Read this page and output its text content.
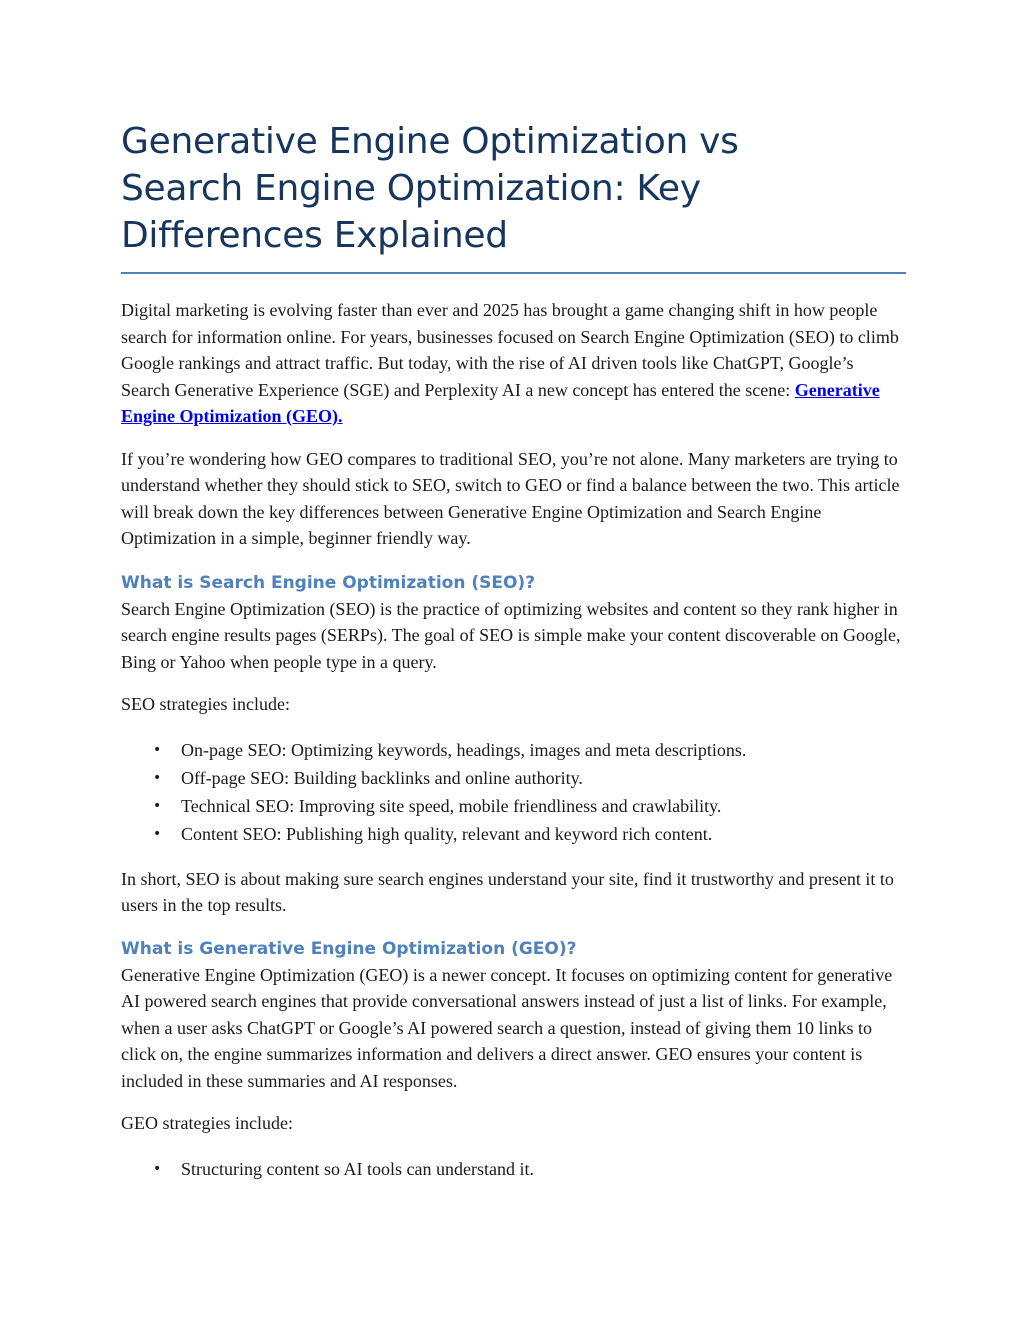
Generative Engine Optimization vs
Search Engine Optimization: Key
Differences Explained

Digital marketing is evolving faster than ever and 2025 has brought a game changing shift in how people search for information online. For years, businesses focused on Search Engine Optimization (SEO) to climb Google rankings and attract traffic. But today, with the rise of AI driven tools like ChatGPT, Google’s Search Generative Experience (SGE) and Perplexity AI a new concept has entered the scene: Generative Engine Optimization (GEO).

If you’re wondering how GEO compares to traditional SEO, you’re not alone. Many marketers are trying to understand whether they should stick to SEO, switch to GEO or find a balance between the two. This article will break down the key differences between Generative Engine Optimization and Search Engine Optimization in a simple, beginner friendly way.

What is Search Engine Optimization (SEO)?

Search Engine Optimization (SEO) is the practice of optimizing websites and content so they rank higher in search engine results pages (SERPs). The goal of SEO is simple make your content discoverable on Google, Bing or Yahoo when people type in a query.

SEO strategies include:

• On-page SEO: Optimizing keywords, headings, images and meta descriptions.
• Off-page SEO: Building backlinks and online authority.
• Technical SEO: Improving site speed, mobile friendliness and crawlability.
• Content SEO: Publishing high quality, relevant and keyword rich content.

In short, SEO is about making sure search engines understand your site, find it trustworthy and present it to users in the top results.

What is Generative Engine Optimization (GEO)?

Generative Engine Optimization (GEO) is a newer concept. It focuses on optimizing content for generative AI powered search engines that provide conversational answers instead of just a list of links. For example, when a user asks ChatGPT or Google’s AI powered search a question, instead of giving them 10 links to click on, the engine summarizes information and delivers a direct answer. GEO ensures your content is included in these summaries and AI responses.

GEO strategies include:

• Structuring content so AI tools can understand it.
